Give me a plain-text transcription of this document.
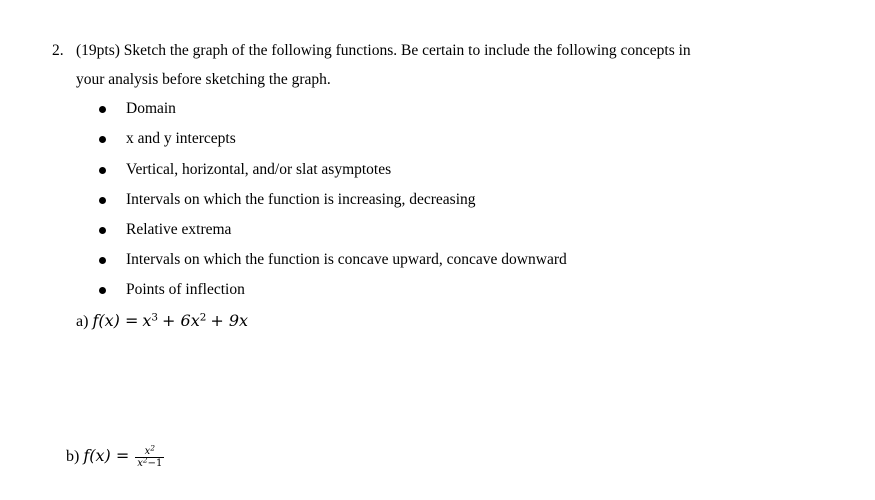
2. (19pts) Sketch the graph of the following functions. Be certain to include the following concepts in
your analysis before sketching the graph.
Domain
x and y intercepts
Vertical, horizontal, and/or slat asymptotes
Intervals on which the function is increasing, decreasing
Relative extrema
Intervals on which the function is concave upward, concave downward
Points of inflection
a) $f(x) = x^3 + 6x^2 + 9x$
b) $f(x) = \frac{x^2}{x^2-1}$
